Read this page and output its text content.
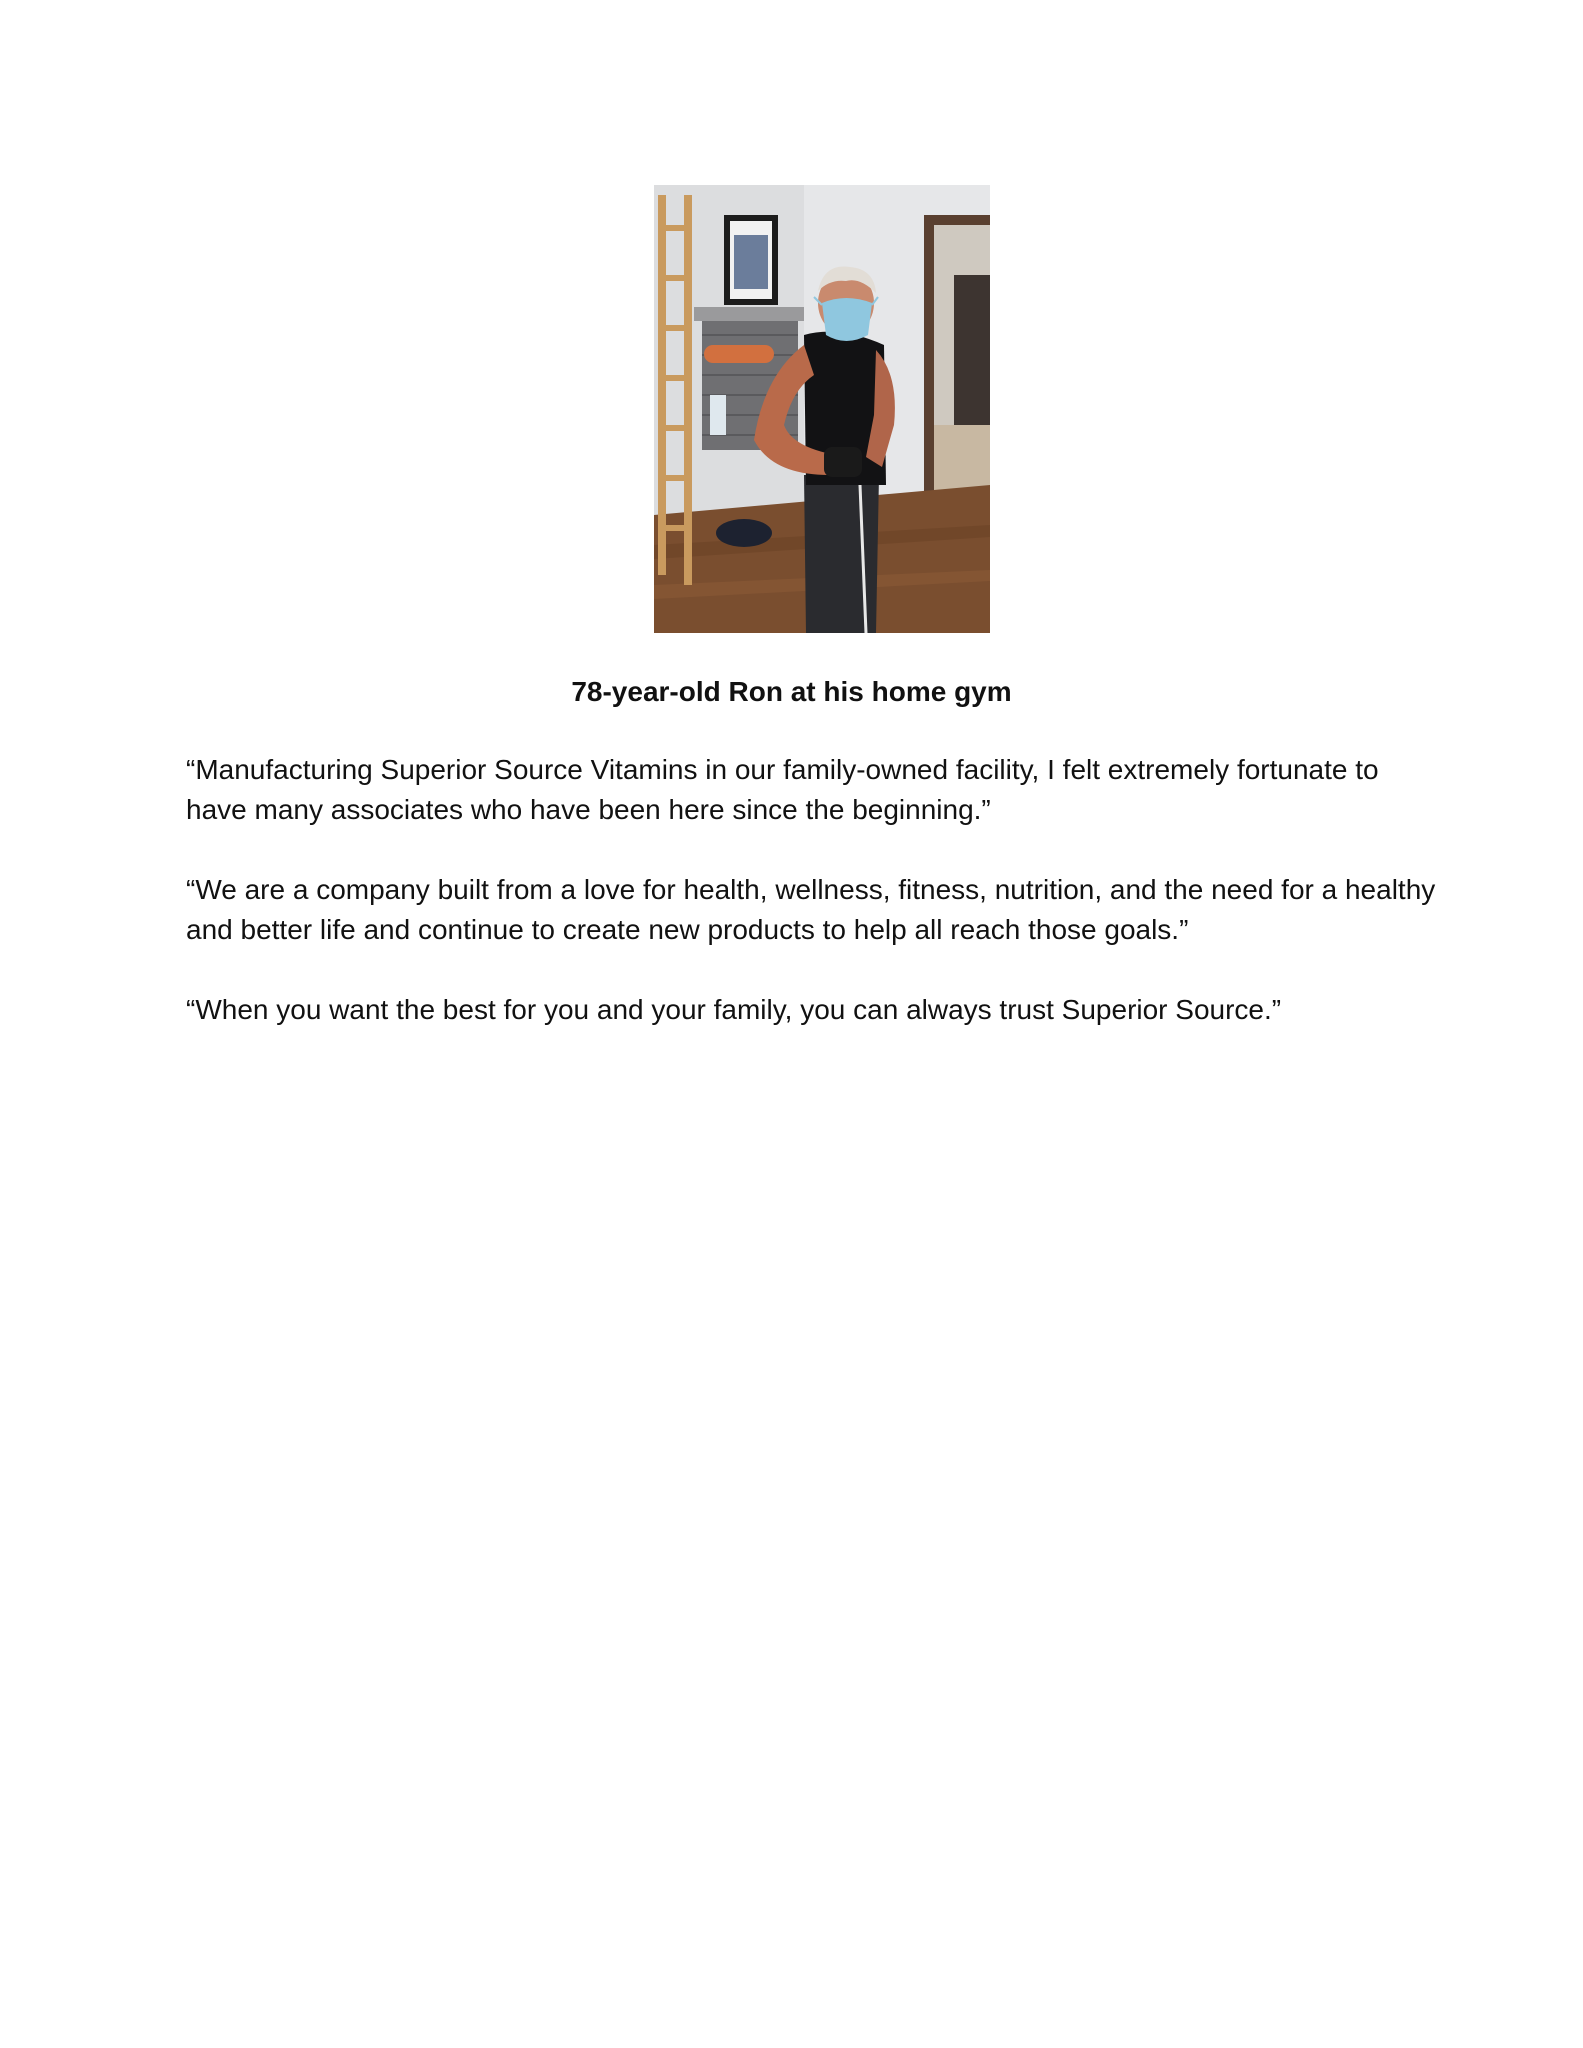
78-year-old Ron at his home gym

“Manufacturing Superior Source Vitamins in our family-owned facility, I felt extremely fortunate to have many associates who have been here since the beginning.”

“We are a company built from a love for health, wellness, fitness, nutrition, and the need for a healthy and better life and continue to create new products to help all reach those goals.”

“When you want the best for you and your family, you can always trust Superior Source.”
